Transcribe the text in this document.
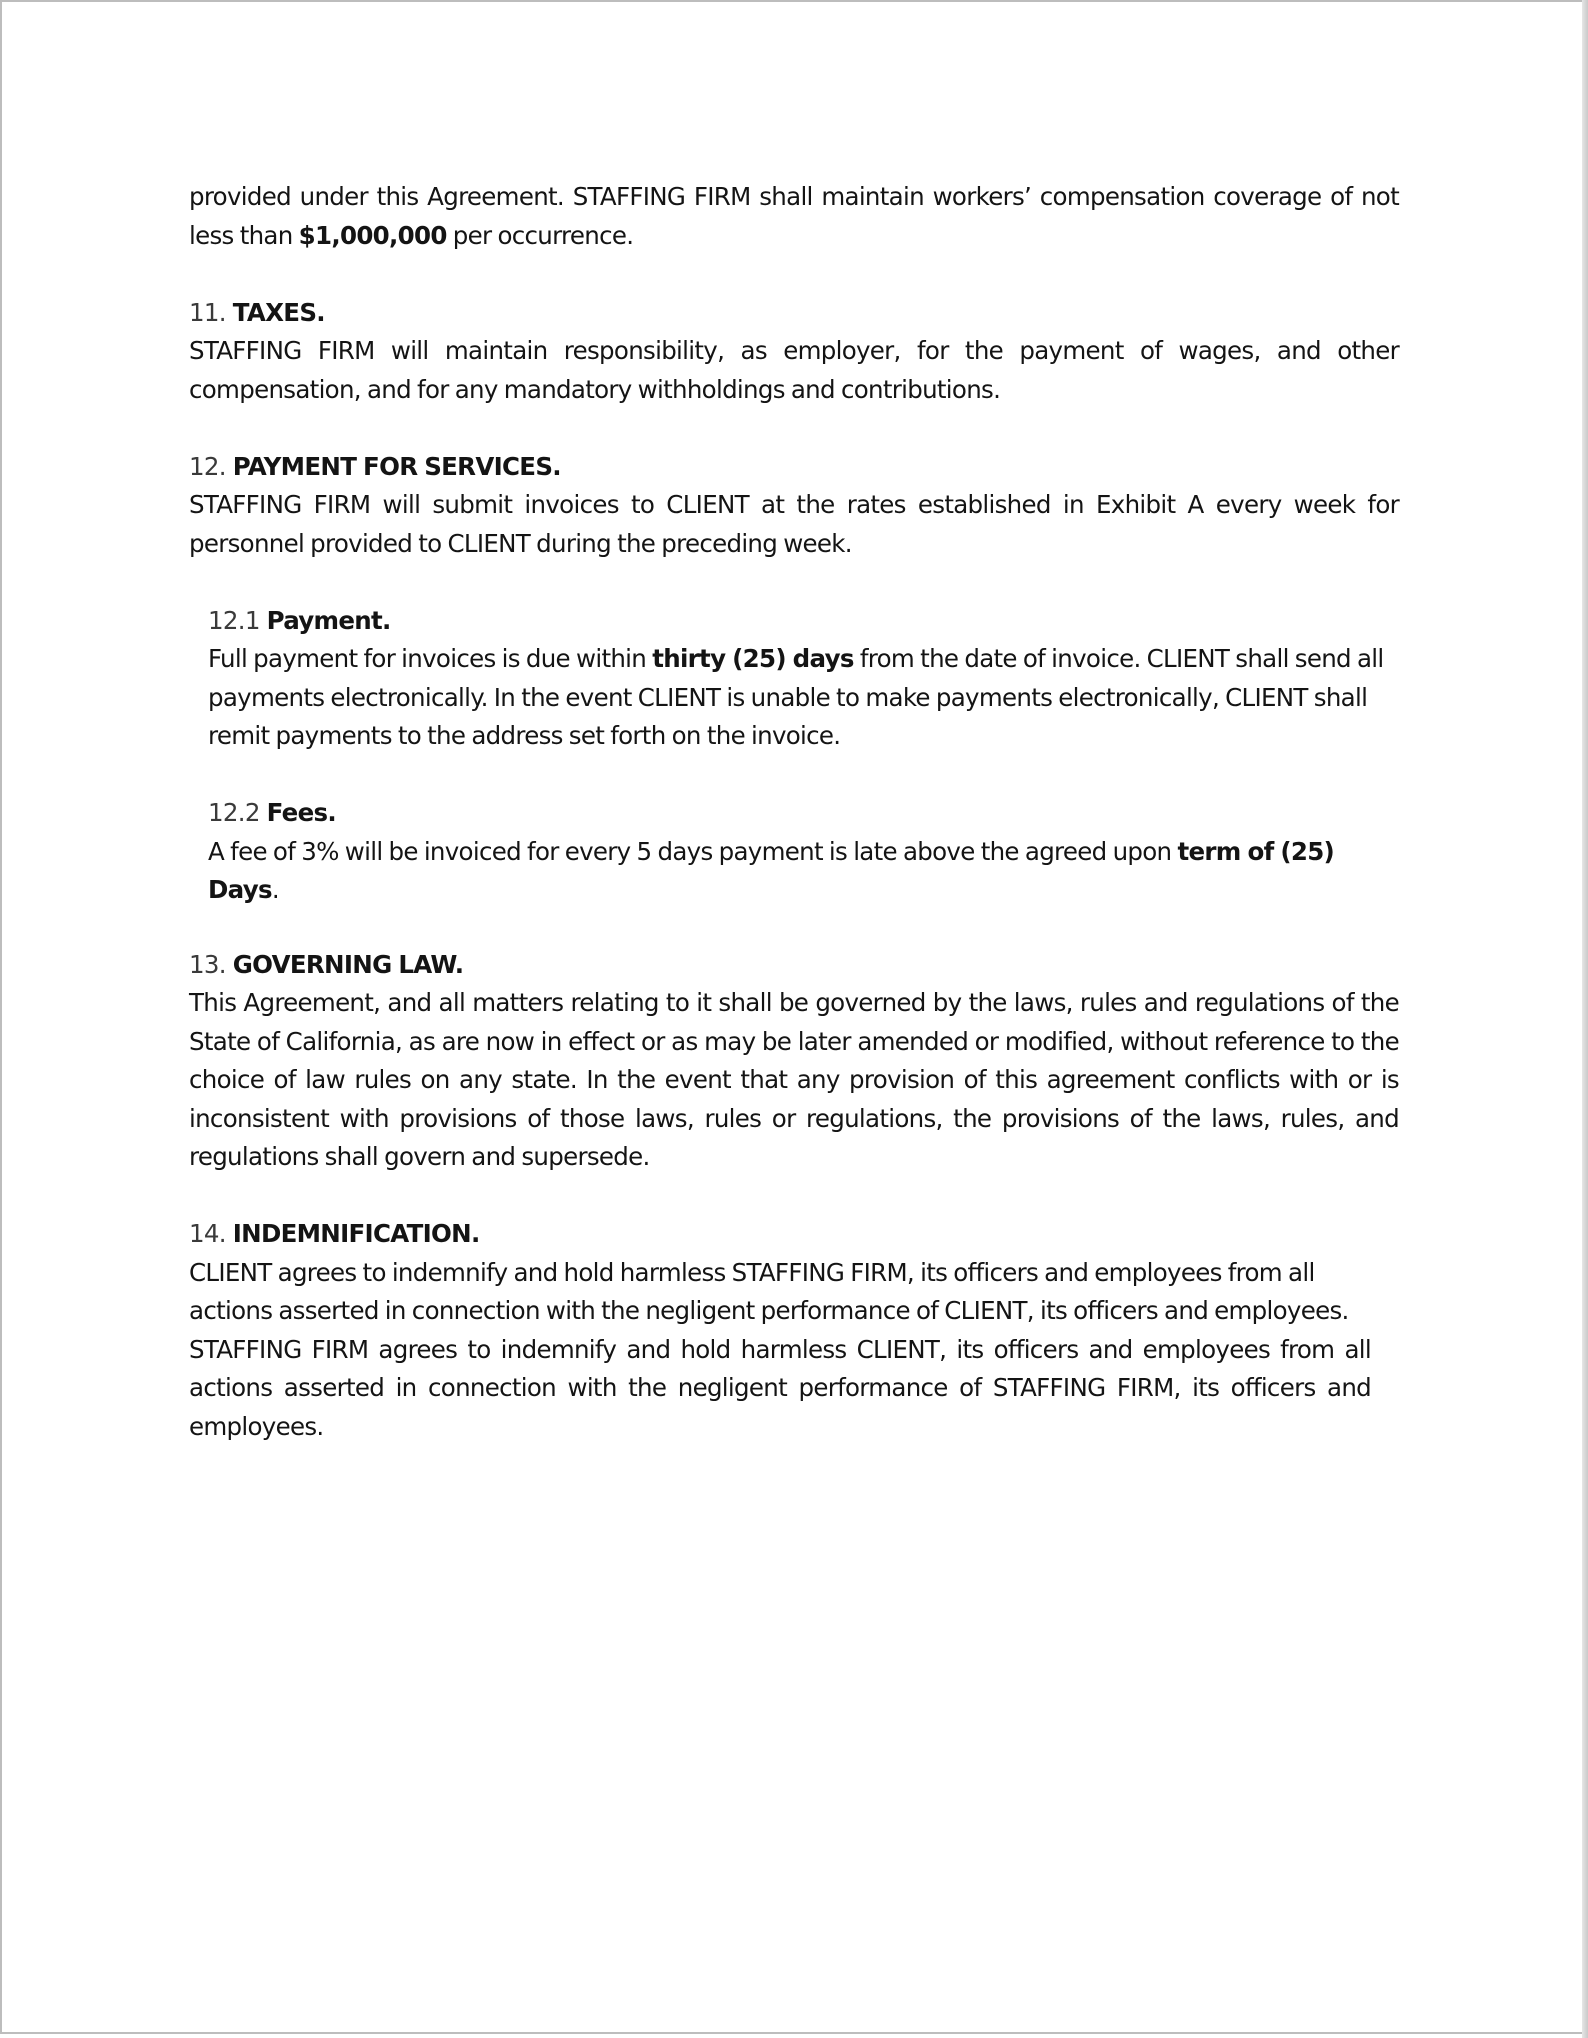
provided under this Agreement. STAFFING FIRM shall maintain workers’ compensation coverage of not

less than $1,000,000 per occurrence.

11. TAXES.

STAFFING FIRM will maintain responsibility, as employer, for the payment of wages, and other compensation, and for any mandatory withholdings and contributions.

12. PAYMENT FOR SERVICES.

STAFFING FIRM will submit invoices to CLIENT at the rates established in Exhibit A every week for personnel provided to CLIENT during the preceding week.

12.1 Payment.

Full payment for invoices is due within thirty (25) days from the date of invoice. CLIENT shall send all payments electronically. In the event CLIENT is unable to make payments electronically, CLIENT shall remit payments to the address set forth on the invoice.

12.2 Fees.

A fee of 3% will be invoiced for every 5 days payment is late above the agreed upon term of (25) Days.

13. GOVERNING LAW.

This Agreement, and all matters relating to it shall be governed by the laws, rules and regulations of the State of California, as are now in effect or as may be later amended or modified, without reference to the choice of law rules on any state. In the event that any provision of this agreement conflicts with or is inconsistent with provisions of those laws, rules or regulations, the provisions of the laws, rules, and regulations shall govern and supersede.

14. INDEMNIFICATION.

CLIENT agrees to indemnify and hold harmless STAFFING FIRM, its officers and employees from all actions asserted in connection with the negligent performance of CLIENT, its officers and employees.

STAFFING FIRM agrees to indemnify and hold harmless CLIENT, its officers and employees from all actions asserted in connection with the negligent performance of STAFFING FIRM, its officers and employees.
